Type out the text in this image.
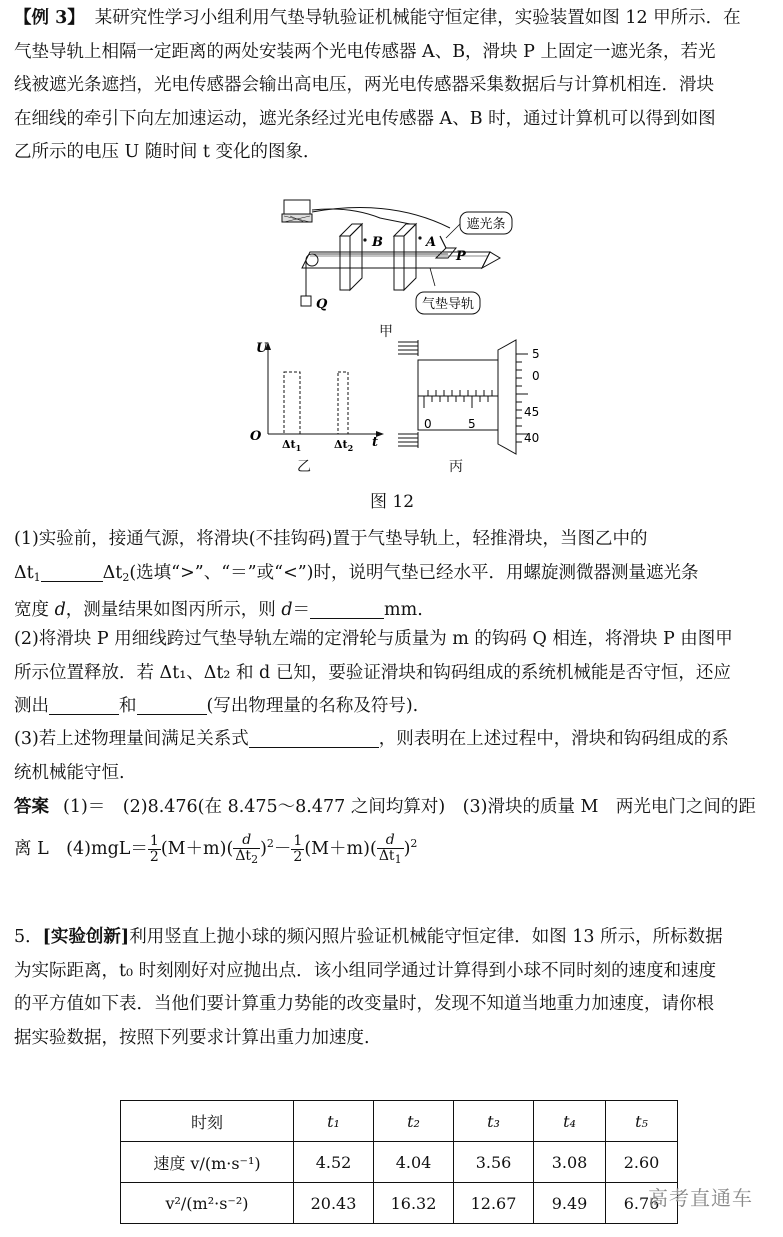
【例 3】 某研究性学习小组利用气垫导轨验证机械能守恒定律，实验装置如图 12 甲所示．在
气垫导轨上相隔一定距离的两处安装两个光电传感器 A、B，滑块 P 上固定一遮光条，若光
线被遮光条遮挡，光电传感器会输出高电压，两光电传感器采集数据后与计算机相连．滑块
在细线的牵引下向左加速运动，遮光条经过光电传感器 A、B 时，通过计算机可以得到如图
乙所示的电压 U 随时间 t 变化的图象．
遮光条
气垫导轨
B	A
P
Q
甲
U
O	t
$\Delta t_1$	$\Delta t_2$
乙
5
0
45
40
0	5
丙
图 12
(1)实验前，接通气源，将滑块(不挂钩码)置于气垫导轨上，轻推滑块，当图乙中的
$\Delta t_1$	$\Delta t_2$(选填“>”、“＝”或“<”)时，说明气垫已经水平．用螺旋测微器测量遮光条
宽度 d，测量结果如图丙所示，则 d＝	mm.
(2)将滑块 P 用细线跨过气垫导轨左端的定滑轮与质量为 m 的钩码 Q 相连，将滑块 P 由图甲
所示位置释放．若 Δt₁、Δt₂ 和 d 已知，要验证滑块和钩码组成的系统机械能是否守恒，还应
测出	和	(写出物理量的名称及符号).
(3)若上述物理量间满足关系式	，则表明在上述过程中，滑块和钩码组成的系
统机械能守恒.
答案 (1)＝　(2)8.476(在 8.475～8.477 之间均算对)　(3)滑块的质量 M　两光电门之间的距
离 L　$(4)mgL= \frac{1}{2} (M+m)( \frac{d}{\Delta t_2} )^2- \frac{1}{2} (M+m)( \frac{d}{\Delta t_1} )^2$
5．[实验创新]利用竖直上抛小球的频闪照片验证机械能守恒定律．如图 13 所示，所标数据
为实际距离，t₀ 时刻刚好对应抛出点．该小组同学通过计算得到小球不同时刻的速度和速度
的平方值如下表．当他们要计算重力势能的改变量时，发现不知道当地重力加速度，请你根
据实验数据，按照下列要求计算出重力加速度.
时刻	t₁	t₂	t₃	t₄	t₅
速度 v/(m·s⁻¹)	4.52	4.04	3.56	3.08	2.60
v²/(m²·s⁻²)	20.43	16.32	12.67	9.49	6.76
高考直通车
